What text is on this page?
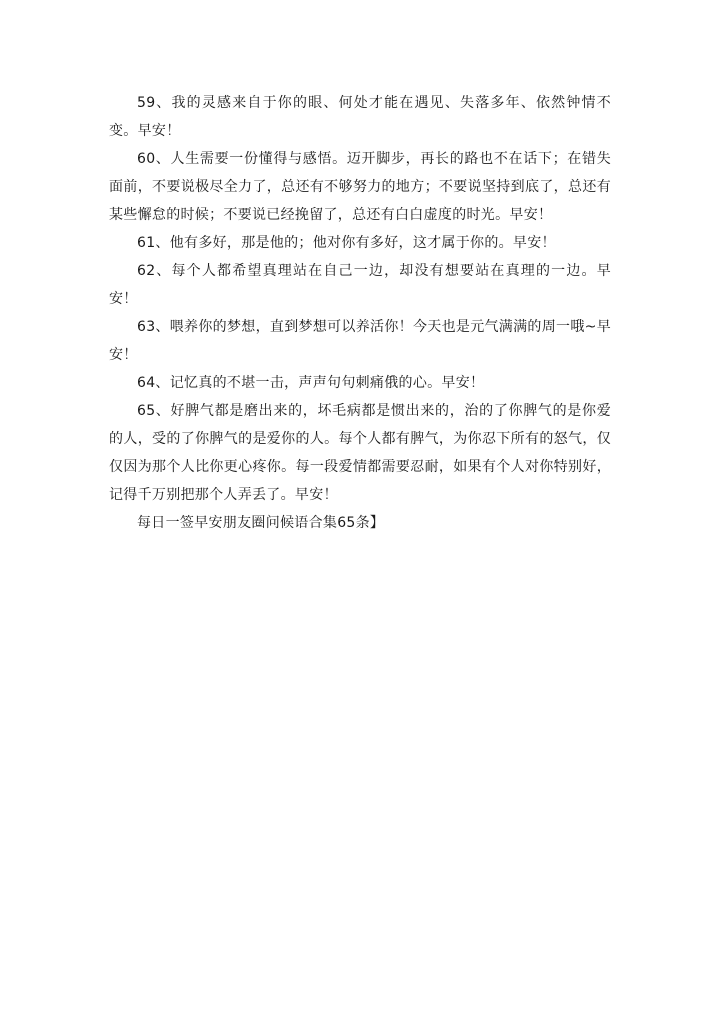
59、我的灵感来自于你的眼、何处才能在遇见、失落多年、依然钟情不变。早安！

60、人生需要一份懂得与感悟。迈开脚步，再长的路也不在话下；在错失面前，不要说极尽全力了，总还有不够努力的地方；不要说坚持到底了，总还有某些懈怠的时候；不要说已经挽留了，总还有白白虚度的时光。早安！

61、他有多好，那是他的；他对你有多好，这才属于你的。早安！

62、每个人都希望真理站在自己一边，却没有想要站在真理的一边。早安！

63、喂养你的梦想，直到梦想可以养活你！今天也是元气满满的周一哦~早安！

64、记忆真的不堪一击，声声句句刺痛俄的心。早安！

65、好脾气都是磨出来的，坏毛病都是惯出来的，治的了你脾气的是你爱的人，受的了你脾气的是爱你的人。每个人都有脾气，为你忍下所有的怒气，仅仅因为那个人比你更心疼你。每一段爱情都需要忍耐，如果有个人对你特别好，记得千万别把那个人弄丢了。早安！

每日一签早安朋友圈问候语合集65条】
